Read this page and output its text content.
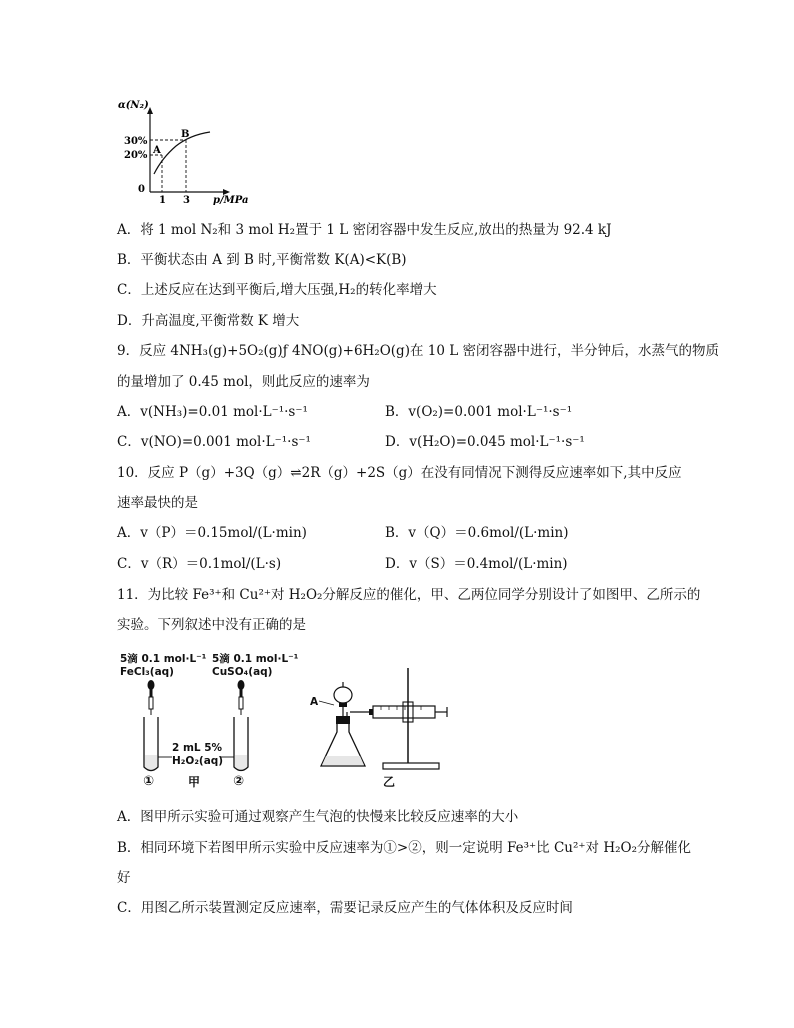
α(N₂)
30%
20%
0
1 3 p/MPa
A
B
A．将 1 mol N₂和 3 mol H₂置于 1 L 密闭容器中发生反应,放出的热量为 92.4 kJ
B．平衡状态由 A 到 B 时,平衡常数 K(A)<K(B)
C．上述反应在达到平衡后,增大压强,H₂的转化率增大
D．升高温度,平衡常数 K 增大
9．反应 4NH₃(g)+5O₂(g)ƒ 4NO(g)+6H₂O(g)在 10 L 密闭容器中进行，半分钟后，水蒸气的物质
的量增加了 0.45 mol，则此反应的速率为
A．v(NH₃)=0.01 mol·L⁻¹·s⁻¹	B．v(O₂)=0.001 mol·L⁻¹·s⁻¹
C．v(NO)=0.001 mol·L⁻¹·s⁻¹	D．v(H₂O)=0.045 mol·L⁻¹·s⁻¹
10．反应 P（g）+3Q（g）⇌2R（g）+2S（g）在没有同情况下测得反应速率如下,其中反应
速率最快的是
A．v（P）＝0.15mol/(L·min)	B．v（Q）＝0.6mol/(L·min)
C．v（R）＝0.1mol/(L·s)	D．v（S）＝0.4mol/(L·min)
11．为比较 Fe³⁺和 Cu²⁺对 H₂O₂分解反应的催化，甲、乙两位同学分别设计了如图甲、乙所示的
实验。下列叙述中没有正确的是
5滴 0.1 mol·L⁻¹
FeCl₃(aq)
5滴 0.1 mol·L⁻¹
CuSO₄(aq)
2 mL 5%
H₂O₂(aq)
①	甲	②
A
乙
A．图甲所示实验可通过观察产生气泡的快慢来比较反应速率的大小
B．相同环境下若图甲所示实验中反应速率为①>②，则一定说明 Fe³⁺比 Cu²⁺对 H₂O₂分解催化
好
C．用图乙所示装置测定反应速率，需要记录反应产生的气体体积及反应时间
